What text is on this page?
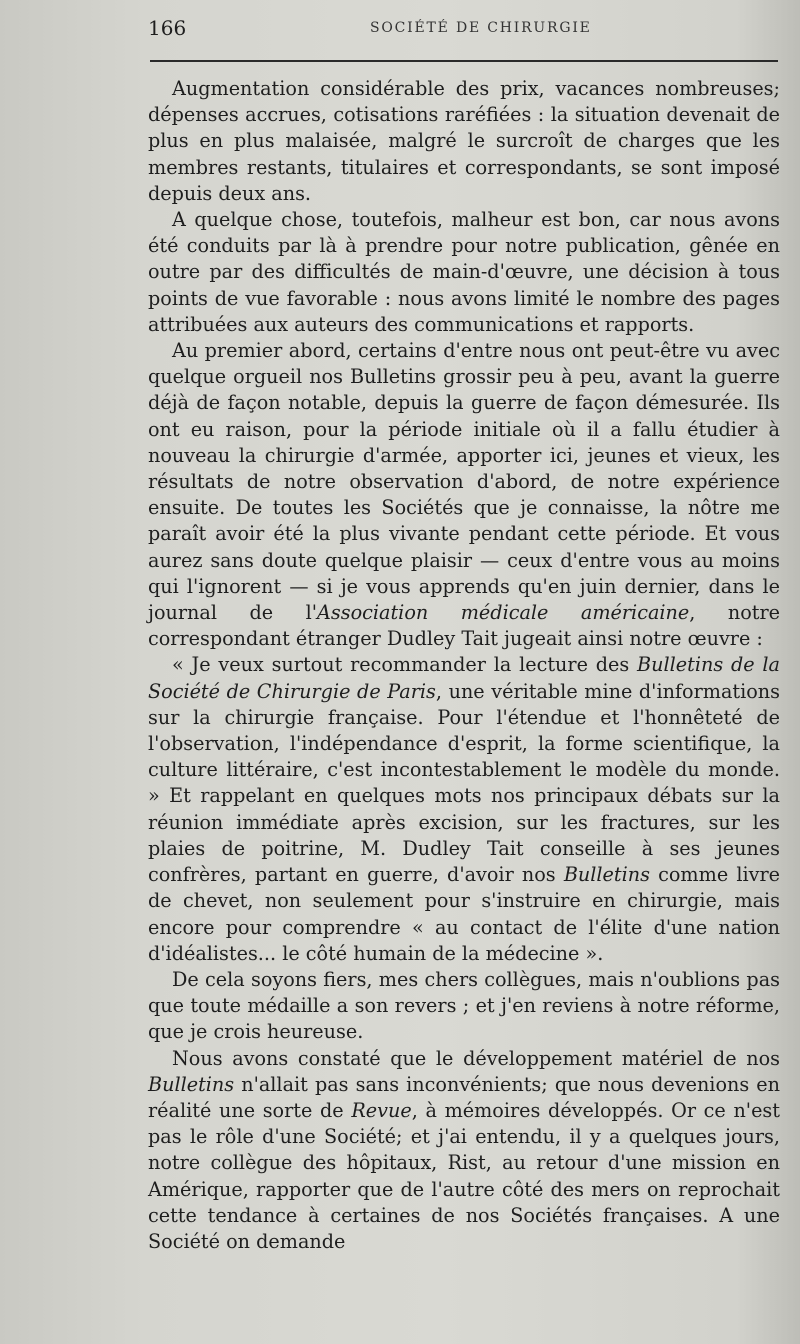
166	SOCIÉTÉ DE CHIRURGIE

Augmentation considérable des prix, vacances nombreuses; dépenses accrues, cotisations raréfiées : la situation devenait de plus en plus malaisée, malgré le surcroît de charges que les membres restants, titulaires et correspondants, se sont imposé depuis deux ans.

A quelque chose, toutefois, malheur est bon, car nous avons été conduits par là à prendre pour notre publication, gênée en outre par des difficultés de main-d'œuvre, une décision à tous points de vue favorable : nous avons limité le nombre des pages attribuées aux auteurs des communications et rapports.

Au premier abord, certains d'entre nous ont peut-être vu avec quelque orgueil nos Bulletins grossir peu à peu, avant la guerre déjà de façon notable, depuis la guerre de façon démesurée. Ils ont eu raison, pour la période initiale où il a fallu étudier à nouveau la chirurgie d'armée, apporter ici, jeunes et vieux, les résultats de notre observation d'abord, de notre expérience ensuite. De toutes les Sociétés que je connaisse, la nôtre me paraît avoir été la plus vivante pendant cette période. Et vous aurez sans doute quelque plaisir — ceux d'entre vous au moins qui l'ignorent — si je vous apprends qu'en juin dernier, dans le journal de l'Association médicale américaine, notre correspondant étranger Dudley Tait jugeait ainsi notre œuvre :

« Je veux surtout recommander la lecture des Bulletins de la Société de Chirurgie de Paris, une véritable mine d'informations sur la chirurgie française. Pour l'étendue et l'honnêteté de l'observation, l'indépendance d'esprit, la forme scientifique, la culture littéraire, c'est incontestablement le modèle du monde. » Et rappelant en quelques mots nos principaux débats sur la réunion immédiate après excision, sur les fractures, sur les plaies de poitrine, M. Dudley Tait conseille à ses jeunes confrères, partant en guerre, d'avoir nos Bulletins comme livre de chevet, non seulement pour s'instruire en chirurgie, mais encore pour comprendre « au contact de l'élite d'une nation d'idéalistes... le côté humain de la médecine ».

De cela soyons fiers, mes chers collègues, mais n'oublions pas que toute médaille a son revers ; et j'en reviens à notre réforme, que je crois heureuse.

Nous avons constaté que le développement matériel de nos Bulletins n'allait pas sans inconvénients; que nous devenions en réalité une sorte de Revue, à mémoires développés. Or ce n'est pas le rôle d'une Société; et j'ai entendu, il y a quelques jours, notre collègue des hôpitaux, Rist, au retour d'une mission en Amérique, rapporter que de l'autre côté des mers on reprochait cette tendance à certaines de nos Sociétés françaises. A une Société on demande
